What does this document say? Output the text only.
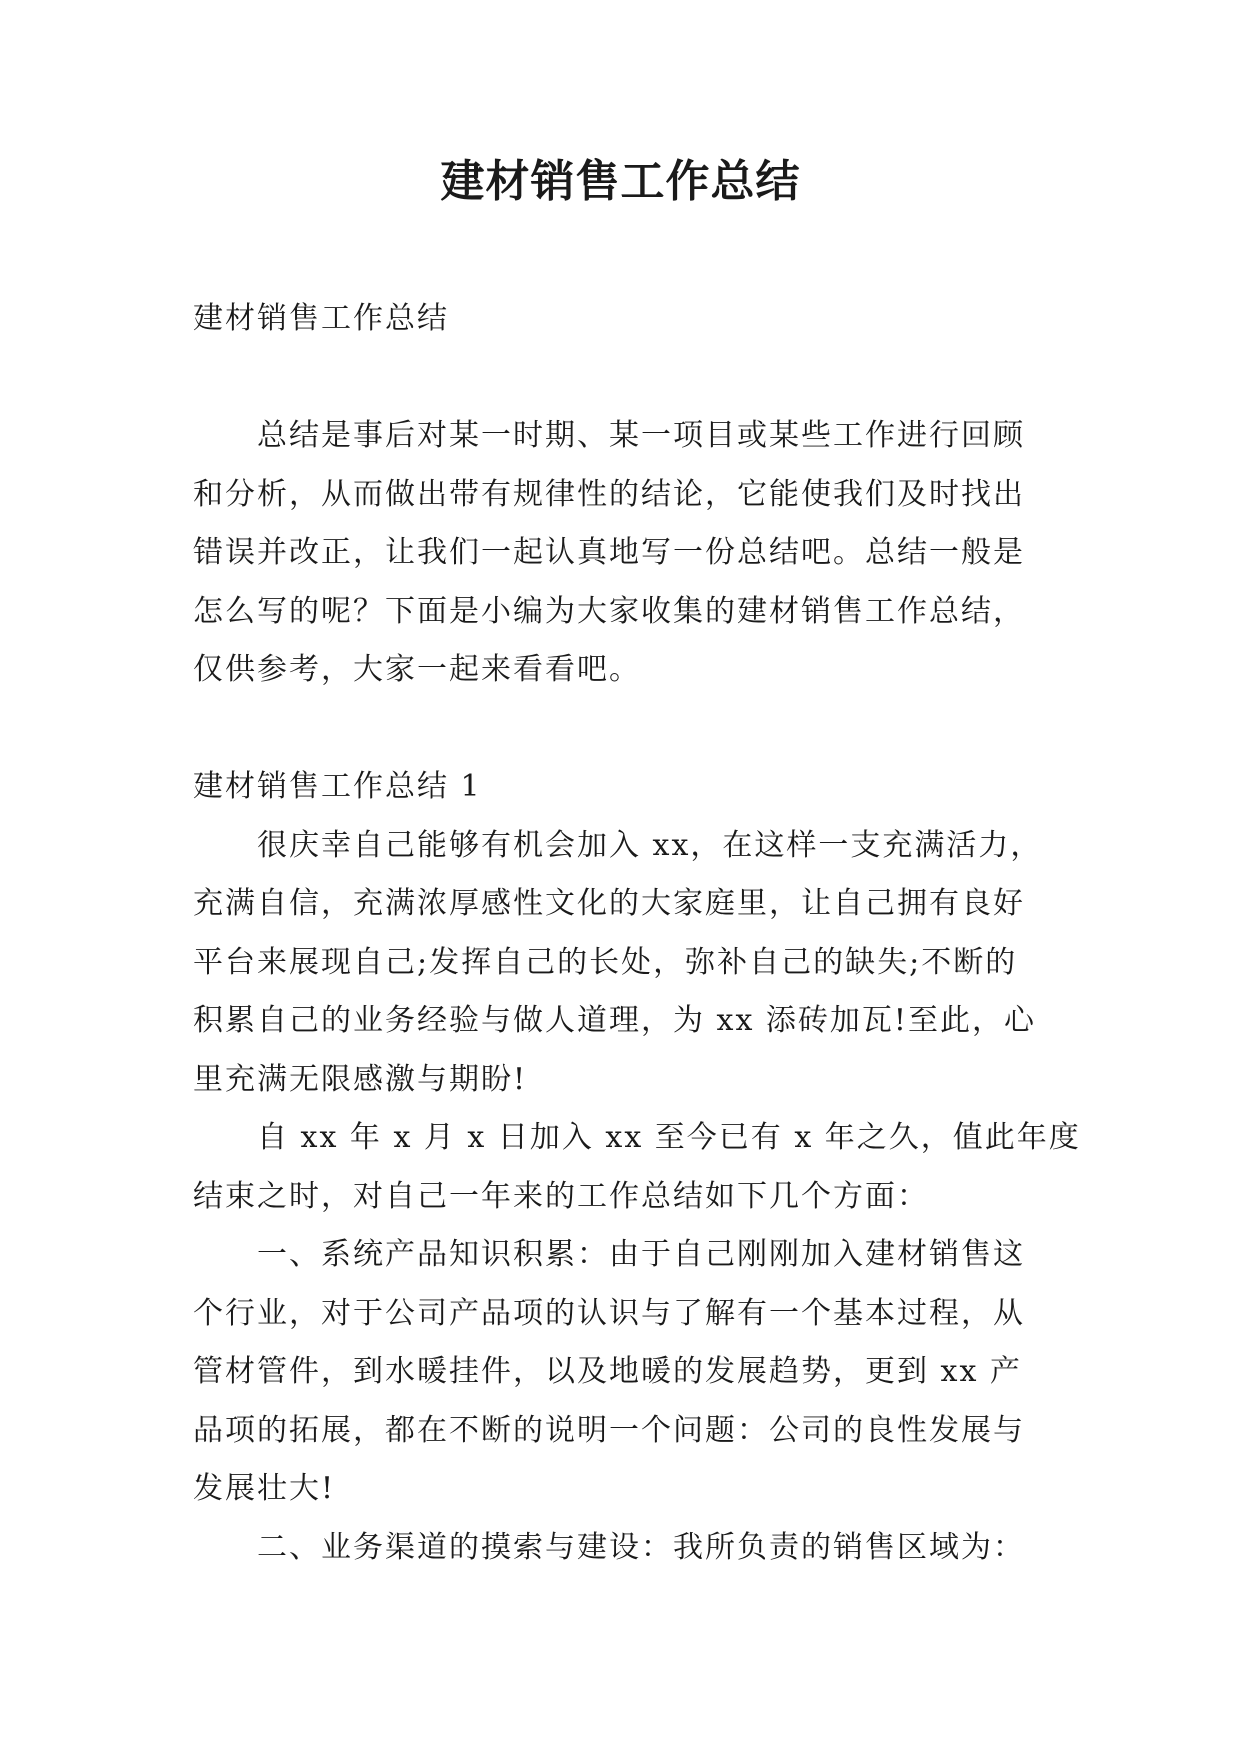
建材销售工作总结

建材销售工作总结

　　总结是事后对某一时期、某一项目或某些工作进行回顾

和分析，从而做出带有规律性的结论，它能使我们及时找出

错误并改正，让我们一起认真地写一份总结吧。总结一般是

怎么写的呢？下面是小编为大家收集的建材销售工作总结，

仅供参考，大家一起来看看吧。

建材销售工作总结 1

　　很庆幸自己能够有机会加入 xx，在这样一支充满活力，

充满自信，充满浓厚感性文化的大家庭里，让自己拥有良好

平台来展现自己;发挥自己的长处，弥补自己的缺失;不断的

积累自己的业务经验与做人道理，为 xx 添砖加瓦!至此，心

里充满无限感激与期盼!

　　自 xx 年 x 月 x 日加入 xx 至今已有 x 年之久，值此年度

结束之时，对自己一年来的工作总结如下几个方面：

　　一、系统产品知识积累：由于自己刚刚加入建材销售这

个行业，对于公司产品项的认识与了解有一个基本过程，从

管材管件，到水暖挂件，以及地暖的发展趋势，更到 xx 产

品项的拓展，都在不断的说明一个问题：公司的良性发展与

发展壮大!

　　二、业务渠道的摸索与建设：我所负责的销售区域为：
